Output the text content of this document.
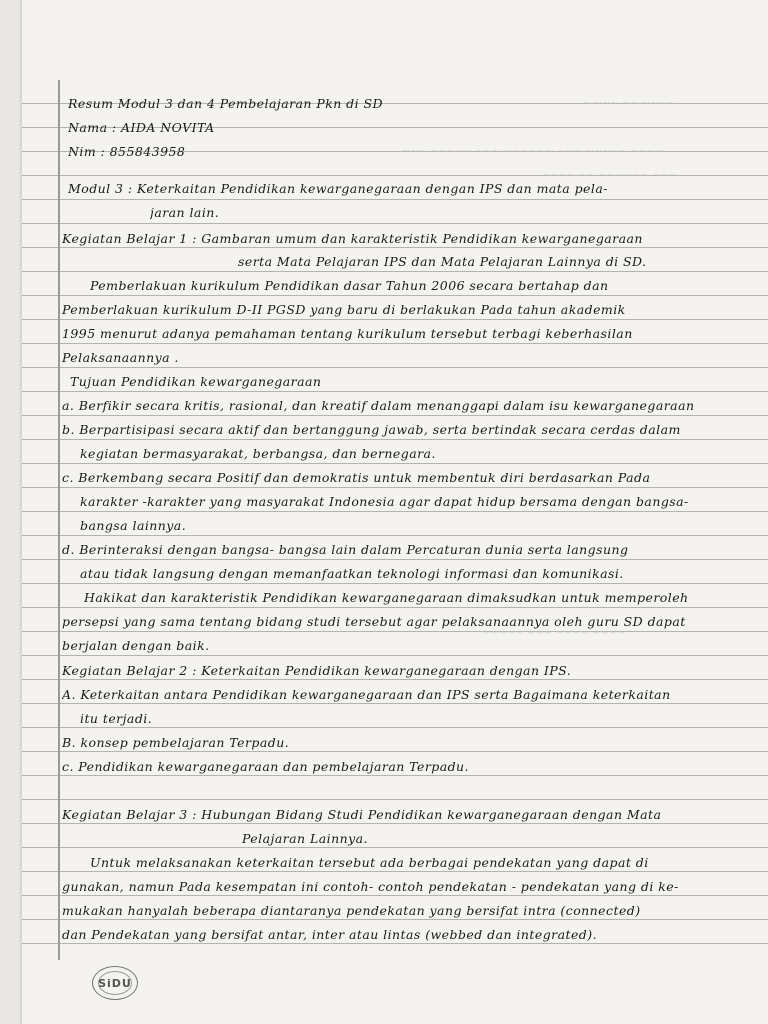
~ ~~~ ~~ ~~~~
~~~ ~~~~~ ~~~ ~~~~~~ ~~~ ~~~~~ ~~~~
~~~~ ~~ ~~~~~~ ~~~
~~~~~ ~~~ ~~~~ ~~~~
Resum Modul 3 dan 4 Pembelajaran Pkn di SD
Nama : AIDA NOVITA
Nim : 855843958
Modul 3 : Keterkaitan Pendidikan kewarganegaraan dengan IPS dan mata pela-
jaran lain.
Kegiatan Belajar 1 : Gambaran umum dan karakteristik Pendidikan kewarganegaraan
serta Mata Pelajaran IPS dan Mata Pelajaran Lainnya di SD.
Pemberlakuan kurikulum Pendidikan dasar Tahun 2006 secara bertahap dan
Pemberlakuan kurikulum D-II PGSD yang baru di berlakukan Pada tahun akademik
1995 menurut adanya pemahaman tentang kurikulum tersebut terbagi keberhasilan
Pelaksanaannya .
Tujuan Pendidikan kewarganegaraan
a. Berfikir secara kritis, rasional, dan kreatif dalam menanggapi dalam isu kewarganegaraan
b. Berpartisipasi secara aktif dan bertanggung jawab, serta bertindak secara cerdas dalam
kegiatan bermasyarakat, berbangsa, dan bernegara.
c. Berkembang secara Positif dan demokratis untuk membentuk diri berdasarkan Pada
karakter -karakter yang masyarakat Indonesia agar dapat hidup bersama dengan bangsa-
bangsa lainnya.
d. Berinteraksi dengan bangsa- bangsa lain dalam Percaturan dunia serta langsung
atau tidak langsung dengan memanfaatkan teknologi informasi dan komunikasi.
Hakikat dan karakteristik Pendidikan kewarganegaraan dimaksudkan untuk memperoleh
persepsi yang sama tentang bidang studi tersebut agar pelaksanaannya oleh guru SD dapat
berjalan dengan baik.
Kegiatan Belajar 2 : Keterkaitan Pendidikan kewarganegaraan dengan IPS.
A. Keterkaitan antara Pendidikan kewarganegaraan dan IPS serta Bagaimana keterkaitan
itu terjadi.
B. konsep pembelajaran Terpadu.
c. Pendidikan kewarganegaraan dan pembelajaran Terpadu.
Kegiatan Belajar 3 : Hubungan Bidang Studi Pendidikan kewarganegaraan dengan Mata
Pelajaran Lainnya.
Untuk melaksanakan keterkaitan tersebut ada berbagai pendekatan yang dapat di
gunakan, namun Pada kesempatan ini contoh- contoh pendekatan - pendekatan yang di ke-
mukakan hanyalah beberapa diantaranya pendekatan yang bersifat intra (connected)
dan Pendekatan yang bersifat antar, inter atau lintas (webbed dan integrated).
SiDU
